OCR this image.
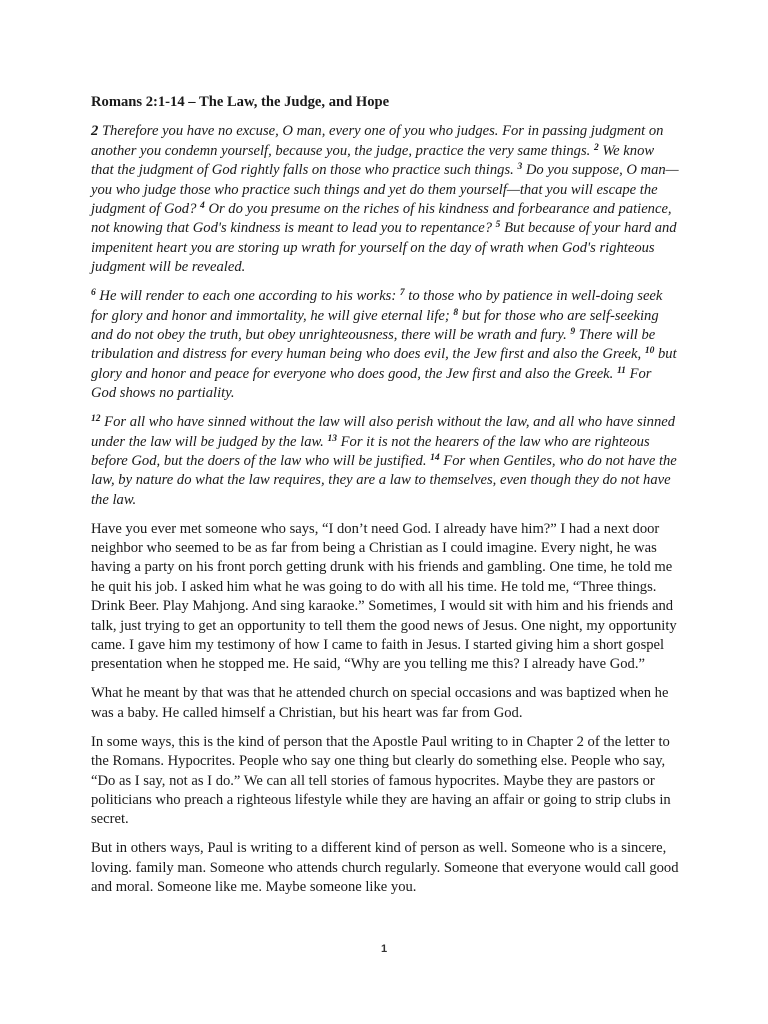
Romans 2:1-14 – The Law, the Judge, and Hope

2 Therefore you have no excuse, O man, every one of you who judges. For in passing judgment on another you condemn yourself, because you, the judge, practice the very same things. $^2$ We know that the judgment of God rightly falls on those who practice such things. $^3$ Do you suppose, O man—you who judge those who practice such things and yet do them yourself—that you will escape the judgment of God? $^4$ Or do you presume on the riches of his kindness and forbearance and patience, not knowing that God's kindness is meant to lead you to repentance? $^5$ But because of your hard and impenitent heart you are storing up wrath for yourself on the day of wrath when God's righteous judgment will be revealed.

$^6$ He will render to each one according to his works: $^7$ to those who by patience in well-doing seek for glory and honor and immortality, he will give eternal life; $^8$ but for those who are self-seeking and do not obey the truth, but obey unrighteousness, there will be wrath and fury. $^9$ There will be tribulation and distress for every human being who does evil, the Jew first and also the Greek, $^{10}$ but glory and honor and peace for everyone who does good, the Jew first and also the Greek. $^{11}$ For God shows no partiality.

$^{12}$ For all who have sinned without the law will also perish without the law, and all who have sinned under the law will be judged by the law. $^{13}$ For it is not the hearers of the law who are righteous before God, but the doers of the law who will be justified. $^{14}$ For when Gentiles, who do not have the law, by nature do what the law requires, they are a law to themselves, even though they do not have the law.

Have you ever met someone who says, “I don’t need God. I already have him?” I had a next door neighbor who seemed to be as far from being a Christian as I could imagine. Every night, he was having a party on his front porch getting drunk with his friends and gambling. One time, he told me he quit his job. I asked him what he was going to do with all his time. He told me, “Three things. Drink Beer. Play Mahjong. And sing karaoke.” Sometimes, I would sit with him and his friends and talk, just trying to get an opportunity to tell them the good news of Jesus. One night, my opportunity came. I gave him my testimony of how I came to faith in Jesus. I started giving him a short gospel presentation when he stopped me. He said, “Why are you telling me this? I already have God.”

What he meant by that was that he attended church on special occasions and was baptized when he was a baby. He called himself a Christian, but his heart was far from God.

In some ways, this is the kind of person that the Apostle Paul writing to in Chapter 2 of the letter to the Romans. Hypocrites. People who say one thing but clearly do something else. People who say, “Do as I say, not as I do.” We can all tell stories of famous hypocrites. Maybe they are pastors or politicians who preach a righteous lifestyle while they are having an affair or going to strip clubs in secret.

But in others ways, Paul is writing to a different kind of person as well. Someone who is a sincere, loving. family man. Someone who attends church regularly. Someone that everyone would call good and moral. Someone like me. Maybe someone like you.

1
